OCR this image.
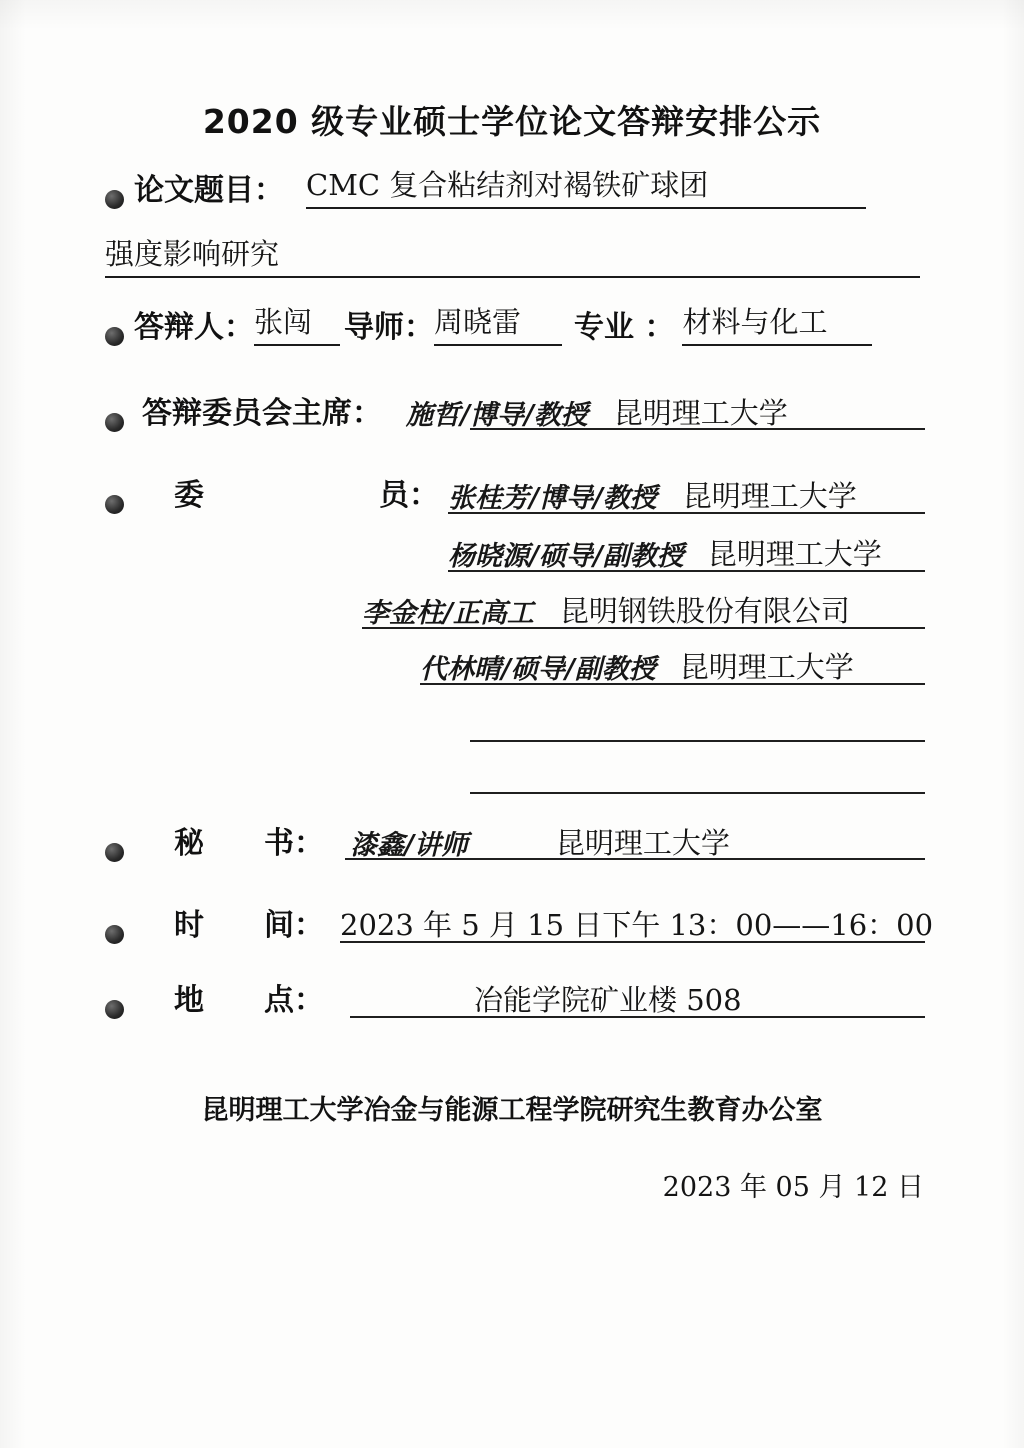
2020 级专业硕士学位论文答辩安排公示
论文题目： CMC 复合粘结剂对褐铁矿球团
强度影响研究
答辩人： 张闯	导师： 周晓雷	专业 ： 材料与化工
答辩委员会主席： 施哲/博导/教授 昆明理工大学
委	员： 张桂芳/博导/教授 昆明理工大学
杨晓源/硕导/副教授 昆明理工大学
李金柱/正高工 昆明钢铁股份有限公司
代林晴/硕导/副教授 昆明理工大学
秘 书： 漆鑫/讲师	昆明理工大学
时 间： 2023 年 5 月 15 日下午 13：00——16：00
地 点：	冶能学院矿业楼 508
昆明理工大学冶金与能源工程学院研究生教育办公室
2023 年 05 月 12 日
